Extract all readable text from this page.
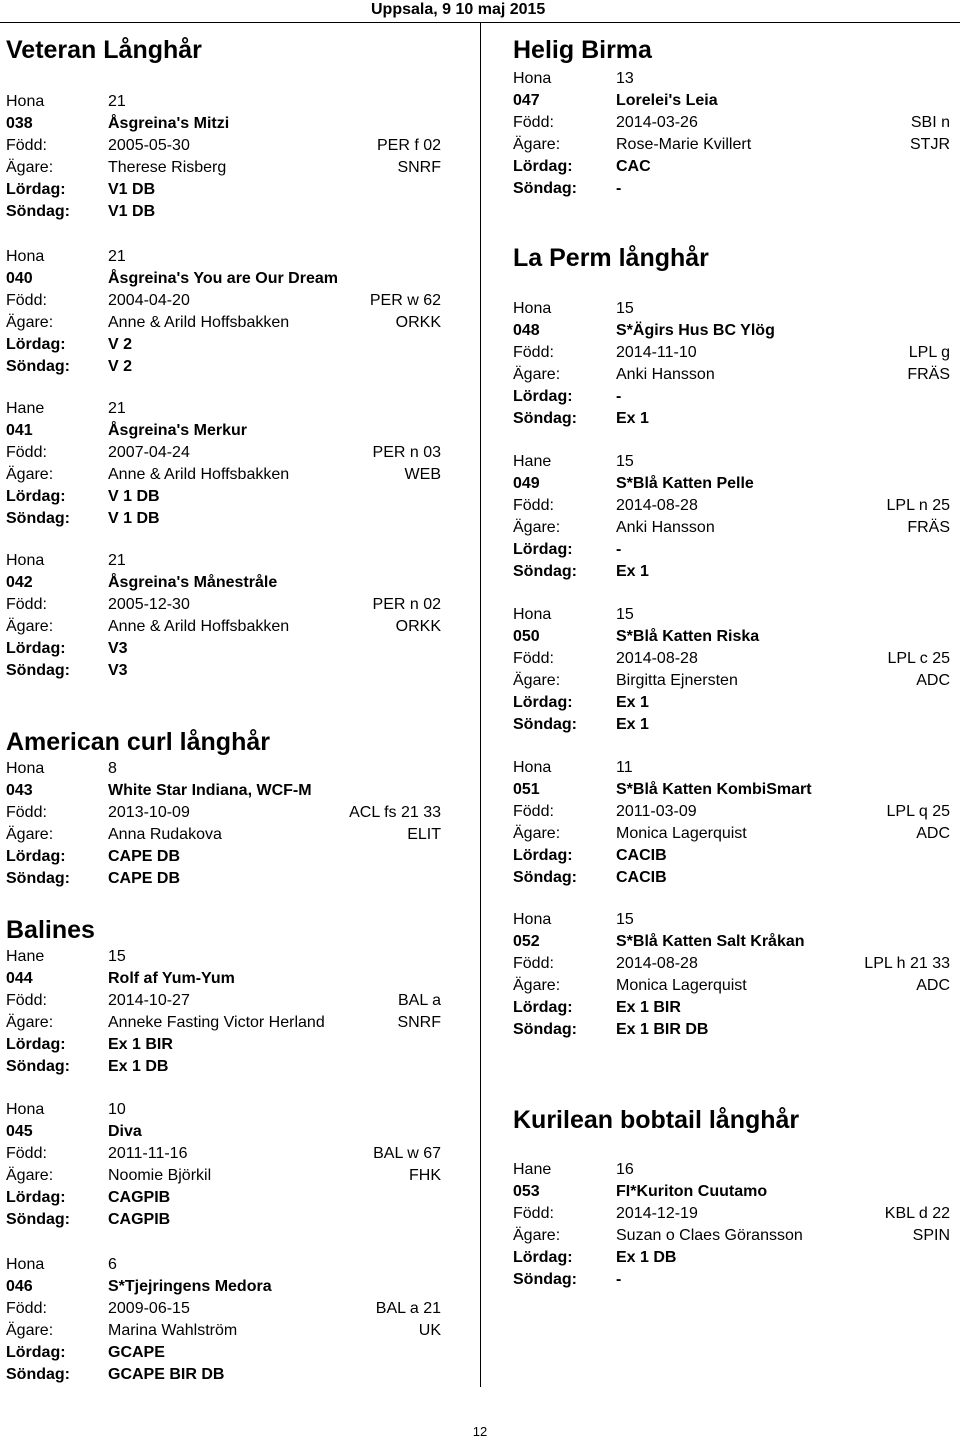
Uppsala, 9 10 maj 2015
Veteran Långhår
Hona	21
038	Åsgreina's Mitzi
Född:	2005-05-30	PER f 02
Ägare:	Therese Risberg	SNRF
Lördag:	V1 DB
Söndag: V1 DB
Hona	21
040	Åsgreina's You are Our Dream
Född:	2004-04-20	PER w 62
Ägare:	Anne & Arild Hoffsbakken	ORKK
Lördag:	V 2
Söndag: V 2
Hane	21
041	Åsgreina's Merkur
Född:	2007-04-24	PER n 03
Ägare:	Anne & Arild Hoffsbakken	WEB
Lördag:	V 1 DB
Söndag: V 1 DB
Hona	21
042	Åsgreina's Månestråle
Född:	2005-12-30	PER n 02
Ägare:	Anne & Arild Hoffsbakken	ORKK
Lördag:	V3
Söndag: V3
American curl långhår
Hona	8
043	White Star Indiana, WCF-M
Född:	2013-10-09	ACL fs 21 33
Ägare:	Anna Rudakova	ELIT
Lördag:	CAPE DB
Söndag: CAPE DB
Balines
Hane	15
044	Rolf af Yum-Yum
Född:	2014-10-27	BAL a
Ägare:	Anneke Fasting Victor Herland	SNRF
Lördag:	Ex 1 BIR
Söndag: Ex 1 DB
Hona	10
045	Diva
Född:	2011-11-16	BAL w 67
Ägare:	Noomie Björkil	FHK
Lördag:	CAGPIB
Söndag: CAGPIB
Hona	6
046	S*Tjejringens Medora
Född:	2009-06-15	BAL a 21
Ägare:	Marina Wahlström	UK
Lördag:	GCAPE
Söndag: GCAPE BIR DB
Helig Birma
Hona	13
047	Lorelei's Leia
Född:	2014-03-26	SBI n
Ägare:	Rose-Marie Kvillert	STJR
Lördag:	CAC
Söndag: -
La Perm långhår
Hona	15
048	S*Ägirs Hus BC Ylög
Född:	2014-11-10	LPL g
Ägare:	Anki Hansson	FRÄS
Lördag:	-
Söndag: Ex 1
Hane	15
049	S*Blå Katten Pelle
Född:	2014-08-28	LPL n 25
Ägare:	Anki Hansson	FRÄS
Lördag:	-
Söndag: Ex 1
Hona	15
050	S*Blå Katten Riska
Född:	2014-08-28	LPL c 25
Ägare:	Birgitta Ejnersten	ADC
Lördag:	Ex 1
Söndag: Ex 1
Hona	11
051	S*Blå Katten KombiSmart
Född:	2011-03-09	LPL q 25
Ägare:	Monica Lagerquist	ADC
Lördag:	CACIB
Söndag: CACIB
Hona	15
052	S*Blå Katten Salt Kråkan
Född:	2014-08-28	LPL h 21 33
Ägare:	Monica Lagerquist	ADC
Lördag:	Ex 1 BIR
Söndag: Ex 1 BIR DB
Kurilean bobtail långhår
Hane	16
053	FI*Kuriton Cuutamo
Född:	2014-12-19	KBL d 22
Ägare:	Suzan o Claes Göransson	SPIN
Lördag:	Ex 1 DB
Söndag: -
12
